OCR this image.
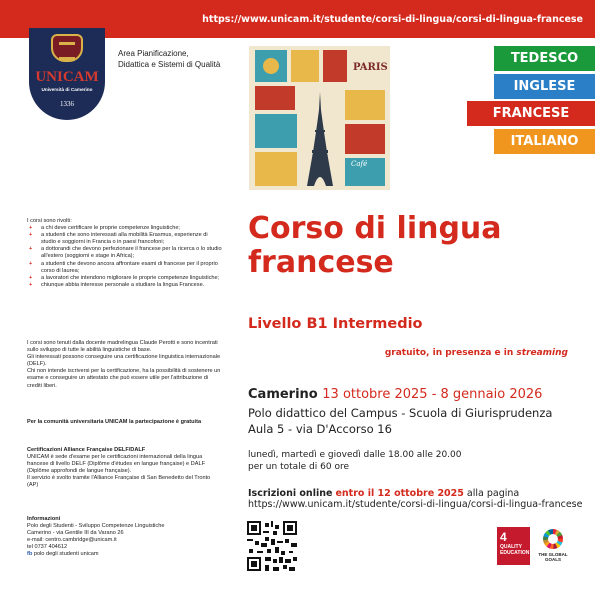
https://www.unicam.it/studente/corsi-di-lingua/corsi-di-lingua-francese
UNICAM
Università di Camerino
1336
Area Pianificazione,
Didattica e Sistemi di Qualità	PARIS
Café
TEDESCO
INGLESE
FRANCESE
ITALIANO
Corso di lingua
francese
Livello B1 Intermedio
gratuito, in presenza e in streaming
Camerino 13 ottobre 2025 - 8 gennaio 2026
Polo didattico del Campus - Scuola di Giurisprudenza
Aula 5 - via D'Accorso 16
lunedì, martedì e giovedì dalle 18.00 alle 20.00
per un totale di 60 ore
Iscrizioni online entro il 12 ottobre 2025 alla pagina
https://www.unicam.it/studente/corsi-di-lingua/corsi-di-lingua-francese
4
QUALITY EDUCATION	THE GLOBAL GOALS
I corsi sono rivolti:
+ a chi deve certificare le proprie competenze linguistiche;
+ a studenti che sono interessati alla mobilità Erasmus, esperienze di studio e soggiorni in Francia o in paesi francofoni;
+ a dottorandi che devono perfezionare il francese per la ricerca o lo studio all'estero (soggiorni e stage in Africa);
+ a studenti che devono ancora affrontare esami di francese per il proprio corso di laurea;
+ a lavoratori che intendono migliorare le proprie competenze linguistiche;
+ chiunque abbia interesse personale a studiare la lingua Francese.
I corsi sono tenuti dalla docente madrelingua Claude Perotti e sono incentrati sullo sviluppo di tutte le abilità linguistiche di base.
Gli interessati possono conseguire una certificazione linguistica internazionale (DELF).
Chi non intende iscriversi per la certificazione, ha la possibilità di sostenere un esame e conseguire un attestato che può essere utile per l'attribuzione di crediti liberi.
Per la comunità universitaria UNICAM la partecipazione è gratuita
Certificazioni Alliance Française DELF/DALF
UNICAM è sede d'esame per le certificazioni internazionali della lingua francese di livello DELF (Diplôme d'études en langue française) e DALF (Diplôme approfondi de langue française).
Il servizio è svolto tramite l'Alliance Française di San Benedetto del Tronto (AP)
Informazioni
Polo degli Studenti - Sviluppo Competenze Linguistiche
Camerino - via Gentile III da Varano 26
e-mail: centro.cambridge@unicam.it
tel 0737 404612
fb polo degli studenti unicam
